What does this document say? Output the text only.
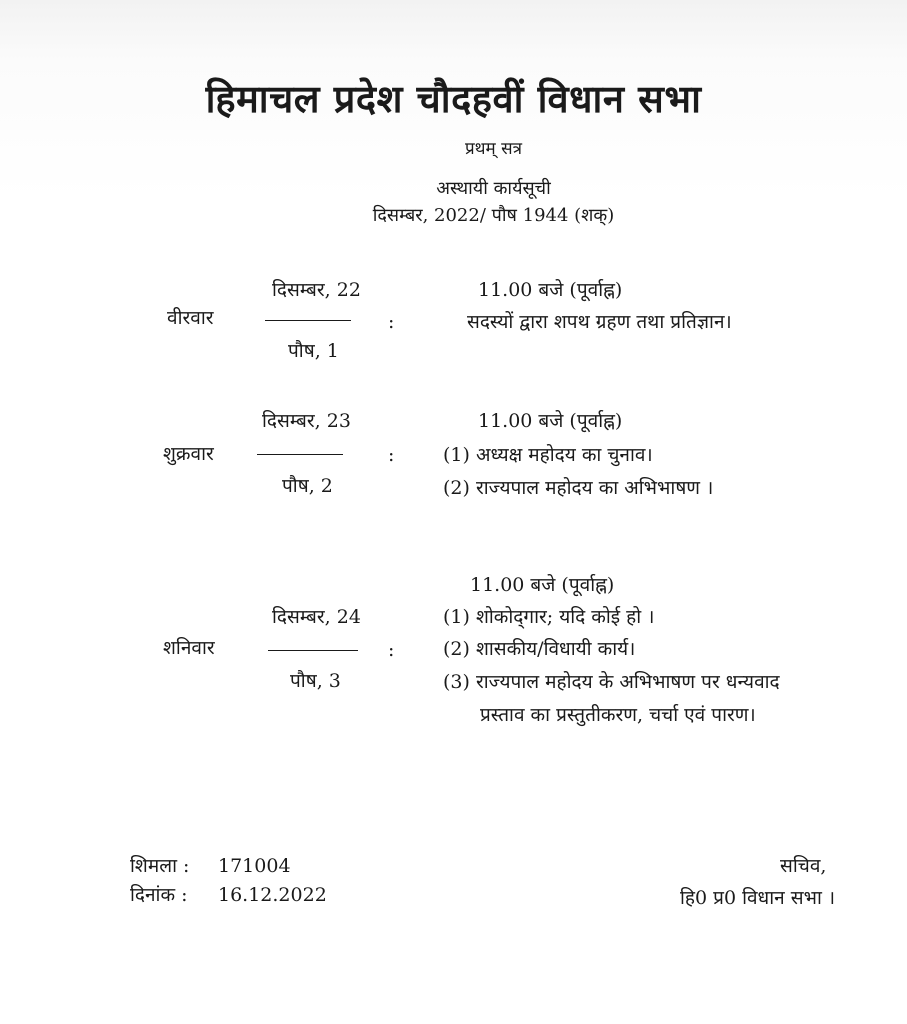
हिमाचल प्रदेश चौदहवीं विधान सभा
प्रथम् सत्र
अस्थायी कार्यसूची
दिसम्बर, 2022/ पौष 1944 (शक्)
वीरवार
दिसम्बर, 22
पौष, 1
:
11.00 बजे (पूर्वाह्न)
सदस्यों द्वारा शपथ ग्रहण तथा प्रतिज्ञान।
शुक्रवार
दिसम्बर, 23
पौष, 2
:
11.00 बजे (पूर्वाह्न)
(1) अध्यक्ष महोदय का चुनाव।
(2) राज्यपाल महोदय का अभिभाषण ।
शनिवार
दिसम्बर, 24
पौष, 3
:
11.00 बजे (पूर्वाह्न)
(1) शोकोद्‌गार; यदि कोई हो ।
(2) शासकीय/विधायी कार्य।
(3) राज्यपाल महोदय के अभिभाषण पर धन्यवाद
प्रस्ताव का प्रस्तुतीकरण, चर्चा एवं पारण।
शिमला : 171004
दिनांक : 16.12.2022
सचिव,
हि0 प्र0 विधान सभा ।
